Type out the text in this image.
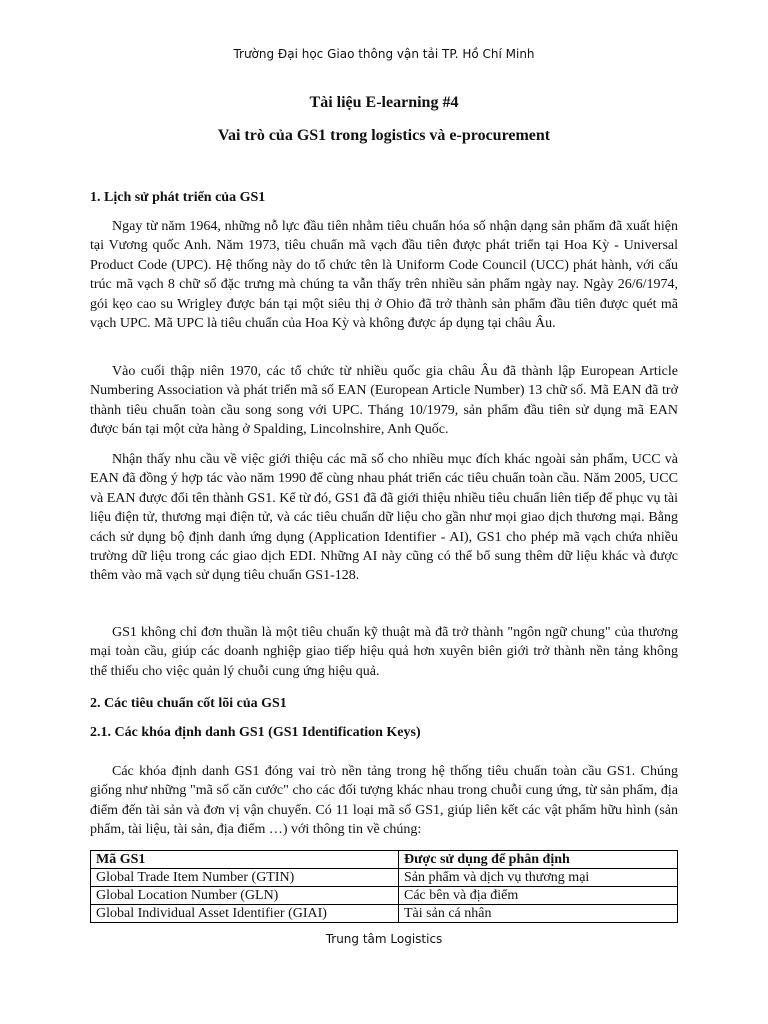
Trường Đại học Giao thông vận tải TP. Hồ Chí Minh
Tài liệu E-learning #4
Vai trò của GS1 trong logistics và e-procurement
1. Lịch sử phát triển của GS1

Ngay từ năm 1964, những nỗ lực đầu tiên nhằm tiêu chuẩn hóa số nhận dạng sản phẩm đã xuất hiện tại Vương quốc Anh. Năm 1973, tiêu chuẩn mã vạch đầu tiên được phát triển tại Hoa Kỳ - Universal Product Code (UPC). Hệ thống này do tổ chức tên là Uniform Code Council (UCC) phát hành, với cấu trúc mã vạch 8 chữ số đặc trưng mà chúng ta vẫn thấy trên nhiều sản phẩm ngày nay. Ngày 26/6/1974, gói kẹo cao su Wrigley được bán tại một siêu thị ở Ohio đã trở thành sản phẩm đầu tiên được quét mã vạch UPC. Mã UPC là tiêu chuẩn của Hoa Kỳ và không được áp dụng tại châu Âu.

Vào cuối thập niên 1970, các tổ chức từ nhiều quốc gia châu Âu đã thành lập European Article Numbering Association và phát triển mã số EAN (European Article Number) 13 chữ số. Mã EAN đã trở thành tiêu chuẩn toàn cầu song song với UPC. Tháng 10/1979, sản phẩm đầu tiên sử dụng mã EAN được bán tại một cửa hàng ở Spalding, Lincolnshire, Anh Quốc.

Nhận thấy nhu cầu về việc giới thiệu các mã số cho nhiều mục đích khác ngoài sản phẩm, UCC và EAN đã đồng ý hợp tác vào năm 1990 để cùng nhau phát triển các tiêu chuẩn toàn cầu. Năm 2005, UCC và EAN được đổi tên thành GS1. Kể từ đó, GS1 đã đã giới thiệu nhiều tiêu chuẩn liên tiếp để phục vụ tài liệu điện tử, thương mại điện tử, và các tiêu chuẩn dữ liệu cho gần như mọi giao dịch thương mại. Bằng cách sử dụng bộ định danh ứng dụng (Application Identifier - AI), GS1 cho phép mã vạch chứa nhiều trường dữ liệu trong các giao dịch EDI. Những AI này cũng có thể bổ sung thêm dữ liệu khác và được thêm vào mã vạch sử dụng tiêu chuẩn GS1-128.

GS1 không chỉ đơn thuần là một tiêu chuẩn kỹ thuật mà đã trở thành "ngôn ngữ chung" của thương mại toàn cầu, giúp các doanh nghiệp giao tiếp hiệu quả hơn xuyên biên giới trở thành nền tảng không thể thiếu cho việc quản lý chuỗi cung ứng hiệu quả.

2. Các tiêu chuẩn cốt lõi của GS1
2.1. Các khóa định danh GS1 (GS1 Identification Keys)

Các khóa định danh GS1 đóng vai trò nền tảng trong hệ thống tiêu chuẩn toàn cầu GS1. Chúng giống như những "mã số căn cước" cho các đối tượng khác nhau trong chuỗi cung ứng, từ sản phẩm, địa điểm đến tài sản và đơn vị vận chuyển. Có 11 loại mã số GS1, giúp liên kết các vật phẩm hữu hình (sản phẩm, tài liệu, tài sản, địa điểm …) với thông tin về chúng:

Mã GS1	Được sử dụng để phân định
Global Trade Item Number (GTIN)	Sản phẩm và dịch vụ thương mại
Global Location Number (GLN)	Các bên và địa điểm
Global Individual Asset Identifier (GIAI)	Tài sản cá nhân
Trung tâm Logistics
